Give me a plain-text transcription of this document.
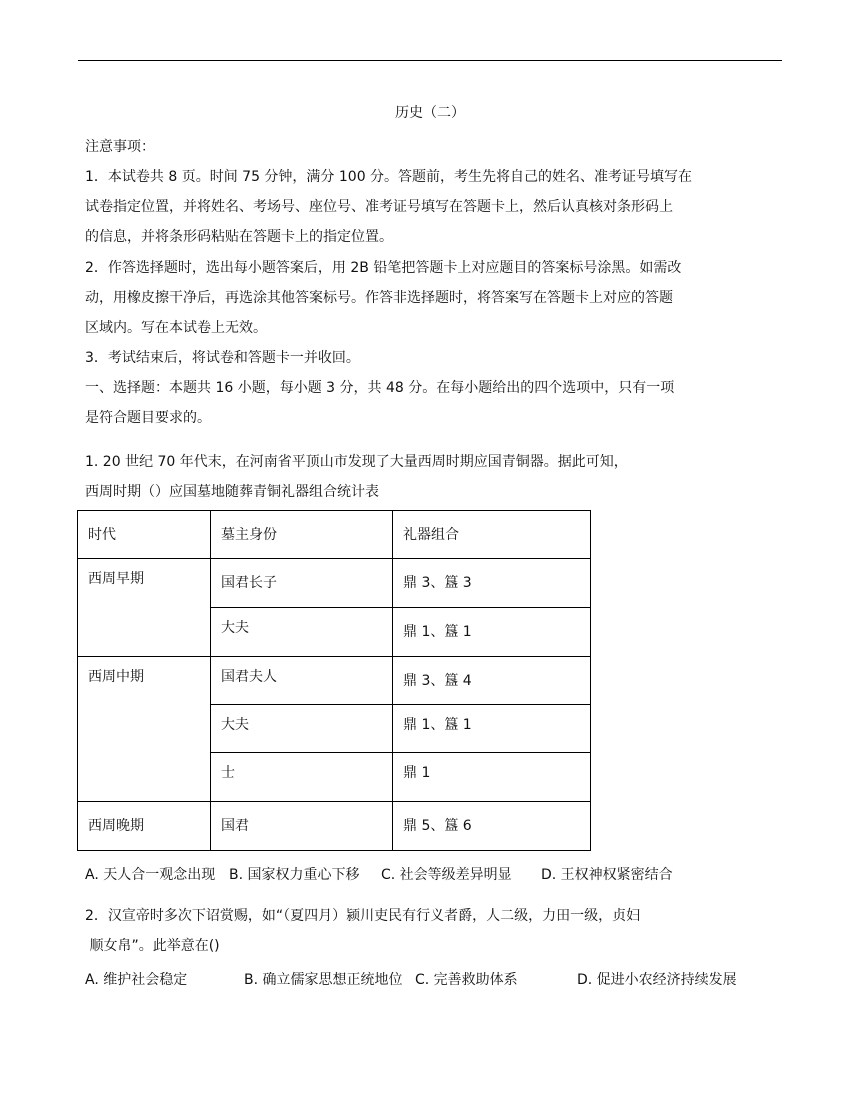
历史（二）
注意事项：
1．本试卷共 8 页。时间 75 分钟，满分 100 分。答题前，考生先将自己的姓名、准考证号填写在
试卷指定位置，并将姓名、考场号、座位号、准考证号填写在答题卡上，然后认真核对条形码上
的信息，并将条形码粘贴在答题卡上的指定位置。
2．作答选择题时，选出每小题答案后，用 2B 铅笔把答题卡上对应题目的答案标号涂黑。如需改
动，用橡皮擦干净后，再选涂其他答案标号。作答非选择题时，将答案写在答题卡上对应的答题
区域内。写在本试卷上无效。
3．考试结束后，将试卷和答题卡一并收回。
一、选择题：本题共 16 小题，每小题 3 分，共 48 分。在每小题给出的四个选项中，只有一项
是符合题目要求的。
1. 20 世纪 70 年代末，在河南省平顶山市发现了大量西周时期应国青铜器。据此可知，
西周时期（）应国墓地随葬青铜礼器组合统计表
时代	墓主身份	礼器组合
西周早期	国君长子	鼎 3、簋 3
	大夫	鼎 1、簋 1
西周中期	国君夫人	鼎 3、簋 4
	大夫	鼎 1、簋 1
	士	鼎 1
西周晚期	国君	鼎 5、簋 6
A. 天人合一观念出现 B. 国家权力重心下移 C. 社会等级差异明显 D. 王权神权紧密结合
2．汉宣帝时多次下诏赏赐，如“（夏四月）颍川吏民有行义者爵，人二级，力田一级，贞妇
顺女帛”。此举意在()
A. 维护社会稳定	B. 确立儒家思想正统地位 C. 完善救助体系	D. 促进小农经济持续发展
